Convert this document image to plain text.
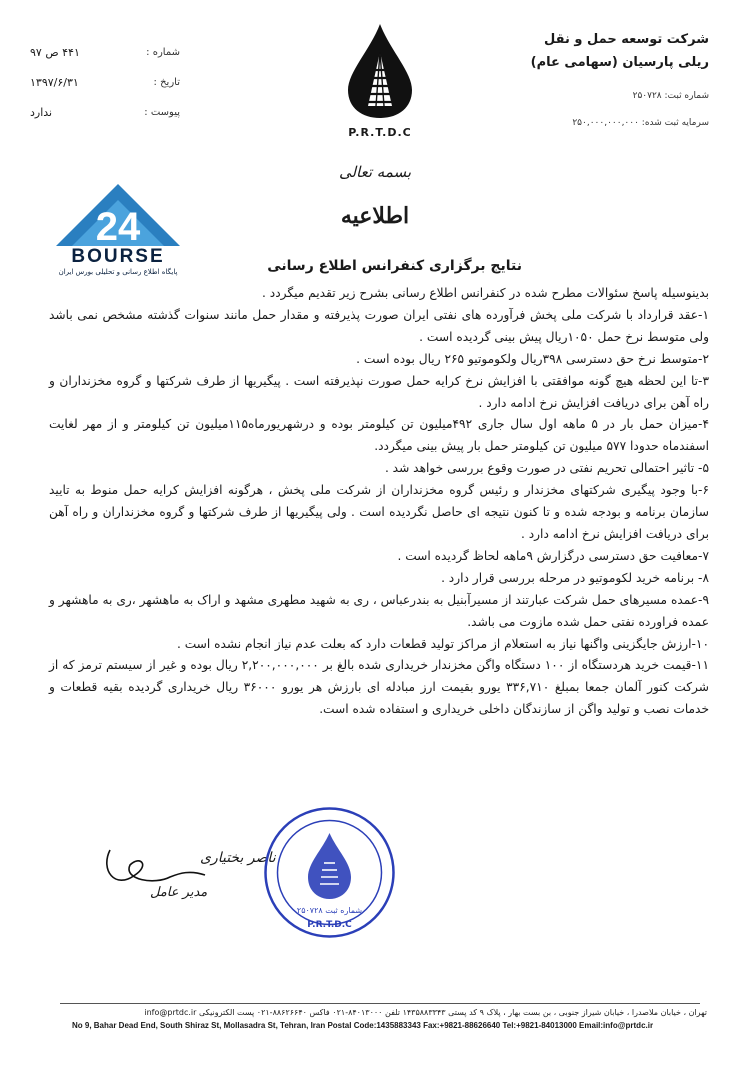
شرکت توسعه حمل و نقل
ریلی پارسیان (سهامی عام)
شماره ثبت: ۲۵۰۷۲۸
سرمایه ثبت شده: ۲۵۰,۰۰۰,۰۰۰,۰۰۰
شماره :
۴۴۱ ص ۹۷
تاریخ :
۱۳۹۷/۶/۳۱
پیوست :
ندارد
P.R.T.D.C
بسمه تعالی
اطلاعیه
24
BOURSE
پایگاه اطلاع رسانی و تحلیلی بورس ایران	نتایج برگزاری کنفرانس اطلاع رسانی

بدینوسیله پاسخ سئوالات مطرح شده در کنفرانس اطلاع رسانی بشرح زیر تقدیم میگردد .

۱-عقد قرارداد با شرکت ملی پخش فرآورده های نفتی ایران صورت پذیرفته و مقدار حمل مانند سنوات گذشته مشخص نمی باشد ولی متوسط نرخ حمل ۱۰۵۰ریال پیش بینی گردیده است .

۲-متوسط نرخ حق دسترسی ۳۹۸ریال ولکوموتیو ۲۶۵ ریال بوده است .

۳-تا این لحظه هیچ گونه موافقتی با افزایش نرخ کرایه حمل صورت نپذیرفته است . پیگیریها از طرف شرکتها و گروه مخزنداران و راه آهن برای دریافت افزایش نرخ ادامه دارد .

۴-میزان حمل بار در ۵ ماهه اول سال جاری ۴۹۲میلیون تن کیلومتر بوده و درشهریورماه۱۱۵میلیون تن کیلومتر و از مهر لغایت اسفندماه حدودا ۵۷۷ میلیون تن کیلومتر حمل بار پیش بینی میگردد.

۵- تاثیر احتمالی تحریم نفتی در صورت وقوع بررسی خواهد شد .

۶-با وجود پیگیری شرکتهای مخزندار و رئیس گروه مخزنداران از شرکت ملی پخش ، هرگونه افزایش کرایه حمل منوط به تایید سازمان برنامه و بودجه شده و تا کنون نتیجه ای حاصل نگردیده است . ولی پیگیریها از طرف شرکتها و گروه مخزنداران و راه آهن برای دریافت افزایش نرخ ادامه دارد .

۷-معافیت حق دسترسی درگزارش ۹ماهه لحاظ گردیده است .

۸- برنامه خرید لکوموتیو در مرحله بررسی قرار دارد .

۹-عمده مسیرهای حمل شرکت عبارتند از مسیرآبنیل به بندرعباس ، ری به شهید مطهری مشهد و اراک به ماهشهر ،ری به ماهشهر و عمده فراورده نفتی حمل شده مازوت می باشد.

۱۰-ارزش جایگزینی واگنها نیاز به استعلام از مراکز تولید قطعات دارد که بعلت عدم نیاز انجام نشده است .

۱۱-قیمت خرید هردستگاه از ۱۰۰ دستگاه واگن مخزندار خریداری شده بالغ بر ۲,۲۰۰,۰۰۰,۰۰۰ ریال بوده و غیر از سیستم ترمز که از شرکت کنور آلمان جمعا بمبلغ ۳۳۶,۷۱۰ یورو بقیمت ارز مبادله ای بارزش هر یورو ۳۶۰۰۰ ریال خریداری گردیده بقیه قطعات و خدمات نصب و تولید واگن از سازندگان داخلی خریداری و استفاده شده است.

ناصر بختیاری
مدیر عامل
شماره ثبت ۲۵۰۷۲۸
P.R.T.D.C
تهران ، خیابان ملاصدرا ، خیابان شیراز جنوبی ، بن بست بهار ، پلاک ۹ کد پستی ۱۴۳۵۸۸۳۳۴۳ تلفن ۸۴۰۱۳۰۰۰-۰۲۱ فاکس ۸۸۶۲۶۶۴۰-۰۲۱ پست الکترونیکی info@prtdc.ir
No 9, Bahar Dead End, South Shiraz St, Mollasadra St, Tehran, Iran Postal Code:1435883343 Fax:+9821-88626640 Tel:+9821-84013000 Email:info@prtdc.ir
